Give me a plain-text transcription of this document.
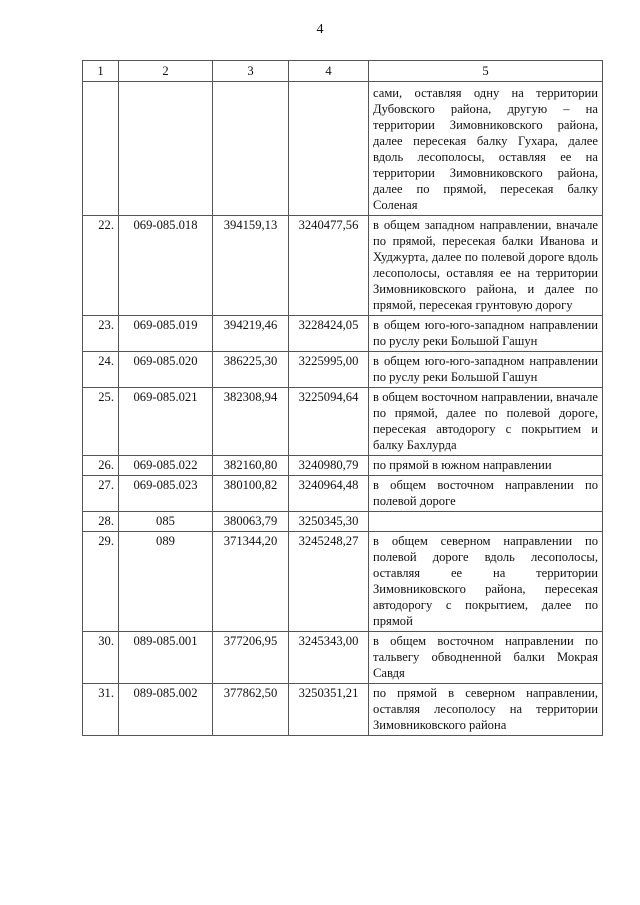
4
1	2	3	4	5
				сами, оставляя одну на территории Дубовского района, другую – на территории Зимовниковского района, далее пересекая балку Гухара, далее вдоль лесополосы, оставляя ее на территории Зимовниковского района, далее по прямой, пересекая балку Соленая
22.	069-085.018	394159,13	3240477,56	в общем западном направлении, вначале по прямой, пересекая балки Иванова и Худжурта, далее по полевой дороге вдоль лесополосы, оставляя ее на территории Зимовниковского района, и далее по прямой, пересекая грунтовую дорогу
23.	069-085.019	394219,46	3228424,05	в общем юго-юго-западном направлении по руслу реки Большой Гашун
24.	069-085.020	386225,30	3225995,00	в общем юго-юго-западном направлении по руслу реки Большой Гашун
25.	069-085.021	382308,94	3225094,64	в общем восточном направлении, вначале по прямой, далее по полевой дороге, пересекая автодорогу с покрытием и балку Бахлурда
26.	069-085.022	382160,80	3240980,79	по прямой в южном направлении
27.	069-085.023	380100,82	3240964,48	в общем восточном направлении по полевой дороге
28.	085	380063,79	3250345,30	
29.	089	371344,20	3245248,27	в общем северном направлении по полевой дороге вдоль лесополосы, оставляя ее на территории Зимовниковского района, пересекая автодорогу с покрытием, далее по прямой
30.	089-085.001	377206,95	3245343,00	в общем восточном направлении по тальвегу обводненной балки Мокрая Савдя
31.	089-085.002	377862,50	3250351,21	по прямой в северном направлении, оставляя лесополосу на территории Зимовниковского района
